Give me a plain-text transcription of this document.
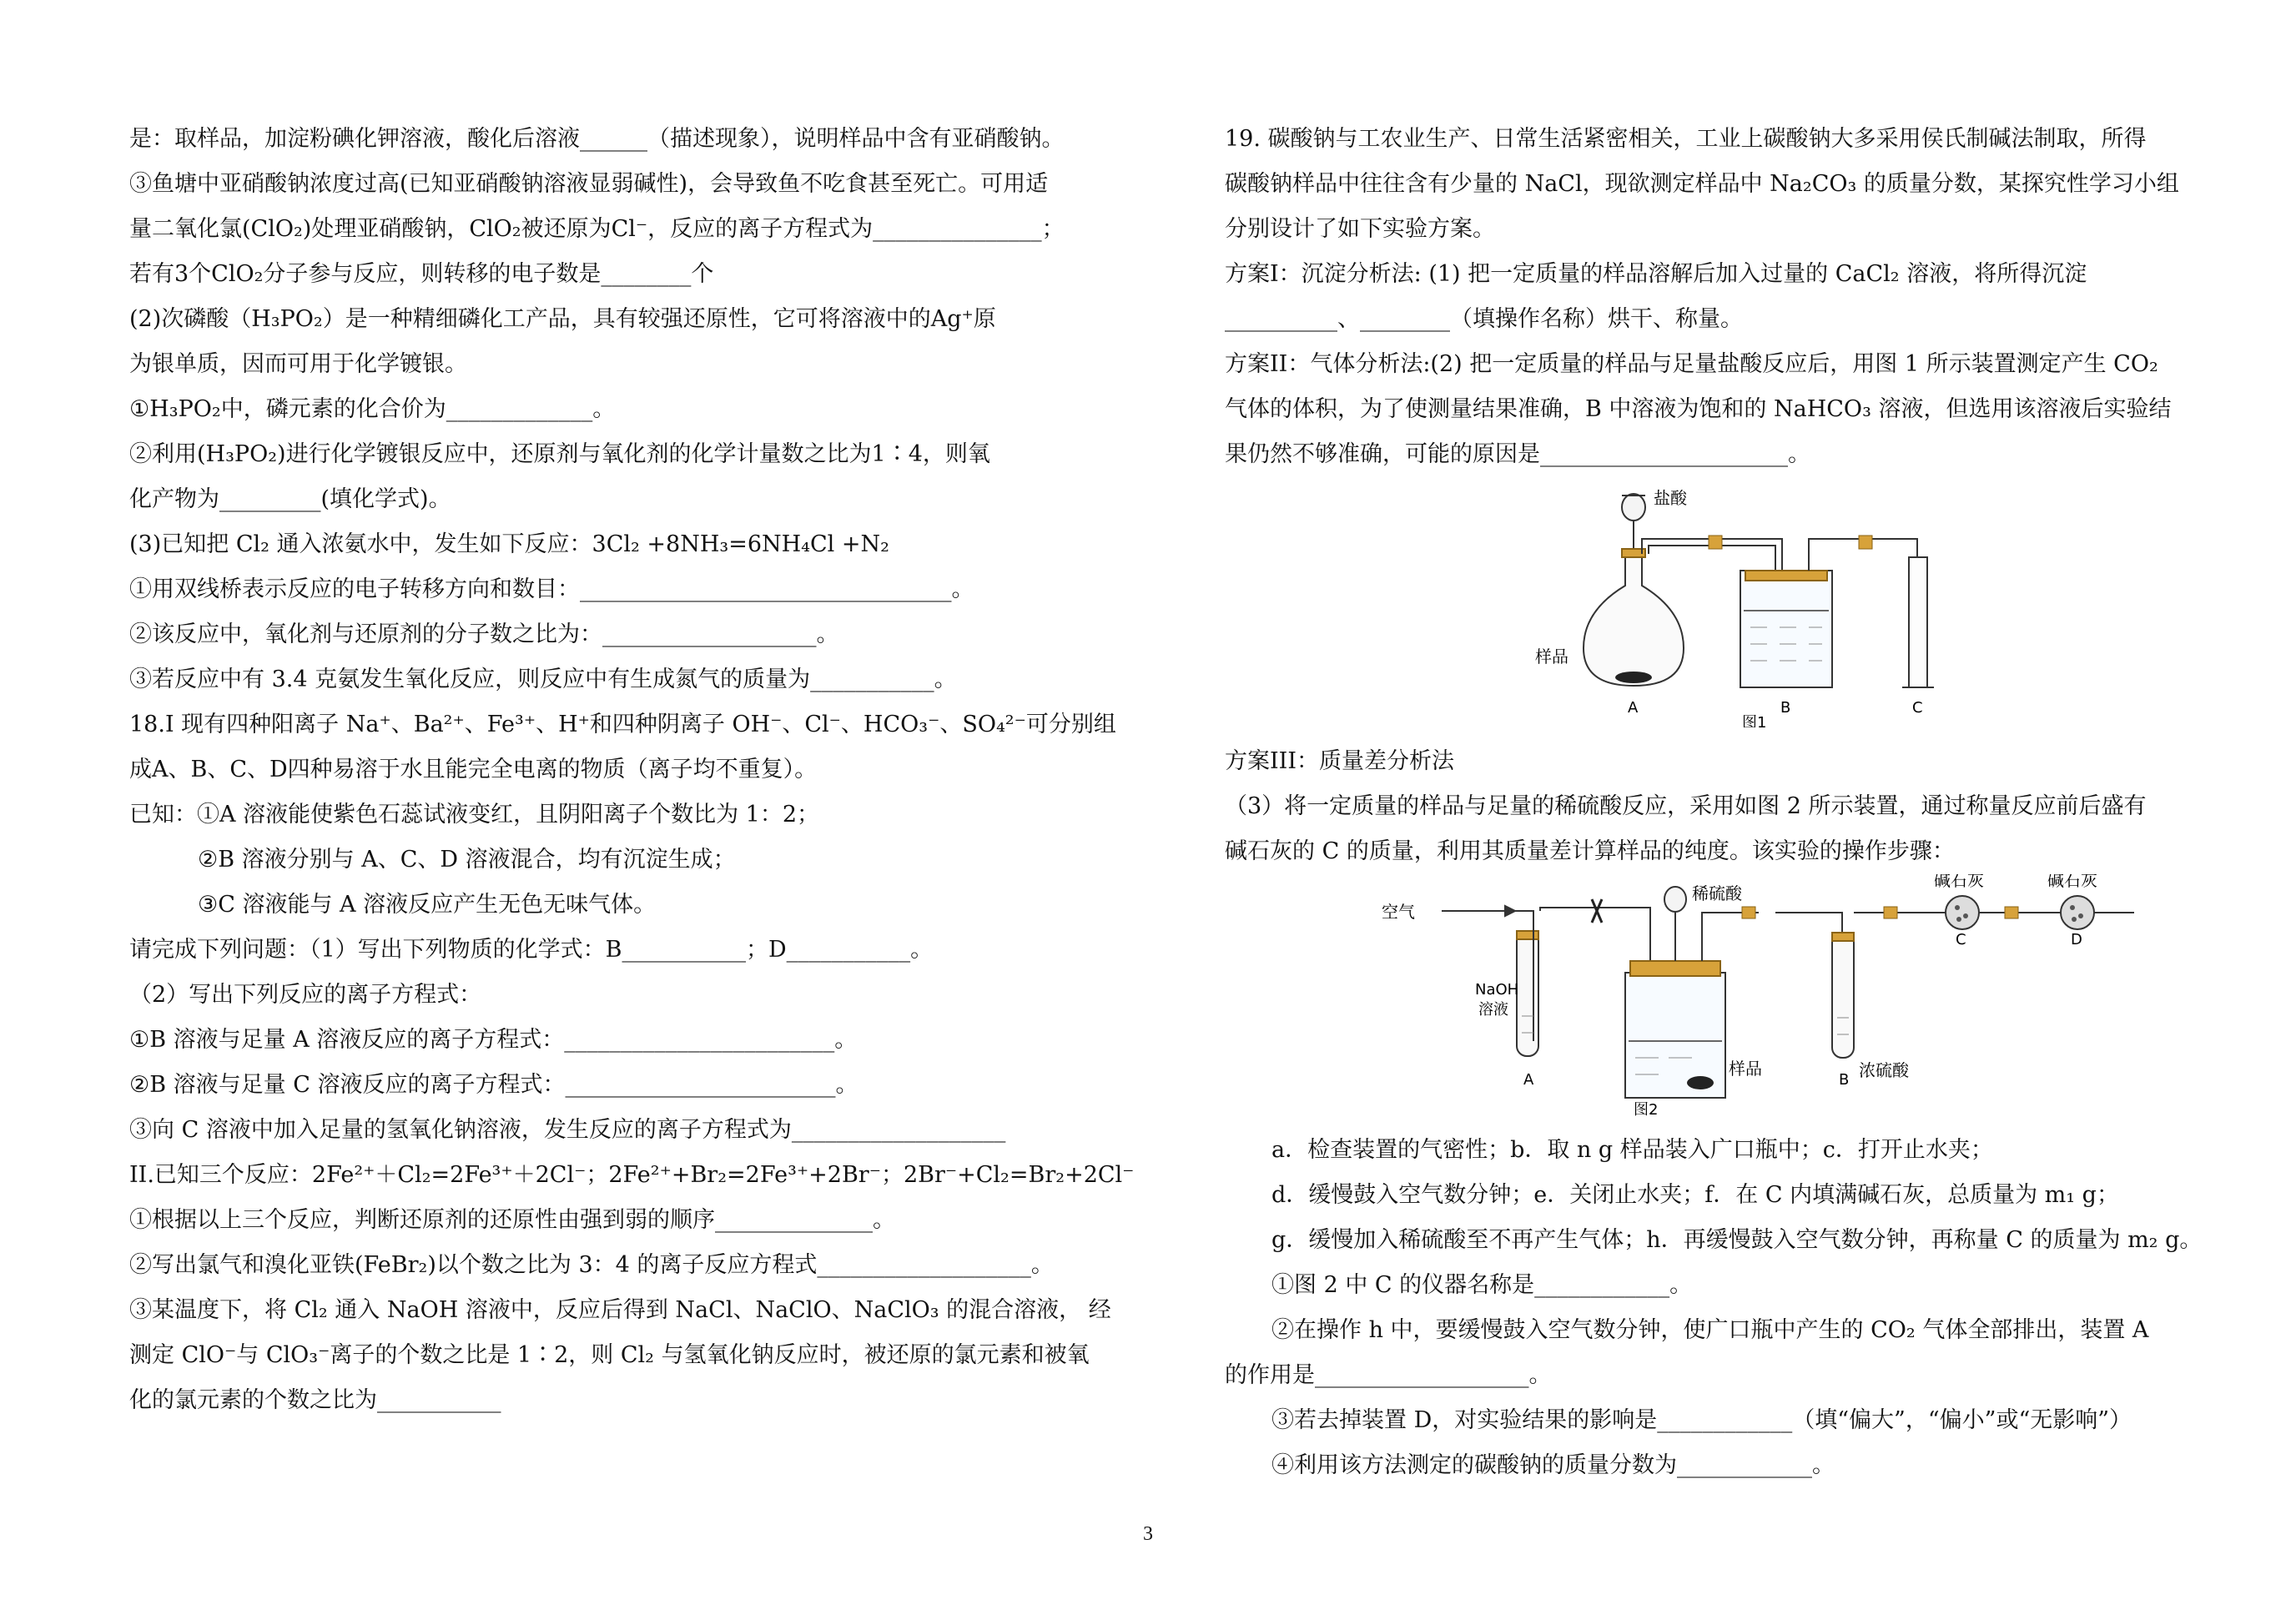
是：取样品，加淀粉碘化钾溶液，酸化后溶液______（描述现象），说明样品中含有亚硝酸钠。
③鱼塘中亚硝酸钠浓度过高(已知亚硝酸钠溶液显弱碱性)，会导致鱼不吃食甚至死亡。可用适
量二氧化氯(ClO₂)处理亚硝酸钠，ClO₂被还原为Cl⁻，反应的离子方程式为_______________；
若有3个ClO₂分子参与反应，则转移的电子数是________个
(2)次磷酸（H₃PO₂）是一种精细磷化工产品，具有较强还原性，它可将溶液中的Ag⁺原
为银单质，因而可用于化学镀银。
①H₃PO₂中，磷元素的化合价为_____________。
②利用(H₃PO₂)进行化学镀银反应中，还原剂与氧化剂的化学计量数之比为1∶4，则氧
化产物为_________(填化学式)。
(3)已知把 Cl₂ 通入浓氨水中，发生如下反应：3Cl₂ +8NH₃=6NH₄Cl +N₂
①用双线桥表示反应的电子转移方向和数目：_________________________________。
②该反应中，氧化剂与还原剂的分子数之比为：___________________。
③若反应中有 3.4 克氨发生氧化反应，则反应中有生成氮气的质量为___________。
18.I 现有四种阳离子 Na⁺、Ba²⁺、Fe³⁺、H⁺和四种阴离子 OH⁻、Cl⁻、HCO₃⁻、SO₄²⁻可分别组
成A、B、C、D四种易溶于水且能完全电离的物质（离子均不重复）。
已知：①A 溶液能使紫色石蕊试液变红，且阴阳离子个数比为 1：2；
②B 溶液分别与 A、C、D 溶液混合，均有沉淀生成；
③C 溶液能与 A 溶液反应产生无色无味气体。
请完成下列问题：（1）写出下列物质的化学式：B___________；D___________。
（2）写出下列反应的离子方程式：
①B 溶液与足量 A 溶液反应的离子方程式：________________________。
②B 溶液与足量 C 溶液反应的离子方程式：________________________。
③向 C 溶液中加入足量的氢氧化钠溶液，发生反应的离子方程式为___________________
II.已知三个反应：2Fe²⁺＋Cl₂=2Fe³⁺＋2Cl⁻；2Fe²⁺+Br₂=2Fe³⁺+2Br⁻；2Br⁻+Cl₂=Br₂+2Cl⁻
①根据以上三个反应，判断还原剂的还原性由强到弱的顺序______________。
②写出氯气和溴化亚铁(FeBr₂)以个数之比为 3：4 的离子反应方程式___________________。
③某温度下，将 Cl₂ 通入 NaOH 溶液中，反应后得到 NaCl、NaClO、NaClO₃ 的混合溶液， 经
测定 ClO⁻与 ClO₃⁻离子的个数之比是 1∶2，则 Cl₂ 与氢氧化钠反应时，被还原的氯元素和被氧
化的氯元素的个数之比为___________
19. 碳酸钠与工农业生产、日常生活紧密相关，工业上碳酸钠大多采用侯氏制碱法制取，所得
碳酸钠样品中往往含有少量的 NaCl，现欲测定样品中 Na₂CO₃ 的质量分数，某探究性学习小组
分别设计了如下实验方案。
方案I：沉淀分析法: (1) 把一定质量的样品溶解后加入过量的 CaCl₂ 溶液，将所得沉淀
__________、________（填操作名称）烘干、称量。
方案II：气体分析法:(2) 把一定质量的样品与足量盐酸反应后，用图 1 所示装置测定产生 CO₂
气体的体积，为了使测量结果准确，B 中溶液为饱和的 NaHCO₃ 溶液，但选用该溶液后实验结
果仍然不够准确，可能的原因是______________________。
盐酸
样品
A	B	C
图1
方案III：质量差分析法
（3）将一定质量的样品与足量的稀硫酸反应，采用如图 2 所示装置，通过称量反应前后盛有
碱石灰的 C 的质量，利用其质量差计算样品的纯度。该实验的操作步骤：
空气
稀硫酸
碱石灰	碱石灰
C	D
NaOH
溶液
样品	浓硫酸
A	B
图2
a．检查装置的气密性；b．取 n g 样品装入广口瓶中；c．打开止水夹；
d．缓慢鼓入空气数分钟；e．关闭止水夹；f．在 C 内填满碱石灰，总质量为 m₁ g；
g．缓慢加入稀硫酸至不再产生气体；h．再缓慢鼓入空气数分钟，再称量 C 的质量为 m₂ g。
①图 2 中 C 的仪器名称是____________。
②在操作 h 中，要缓慢鼓入空气数分钟，使广口瓶中产生的 CO₂ 气体全部排出，装置 A
的作用是___________________。
③若去掉装置 D，对实验结果的影响是____________（填“偏大”，“偏小”或“无影响”）
④利用该方法测定的碳酸钠的质量分数为____________。
3
